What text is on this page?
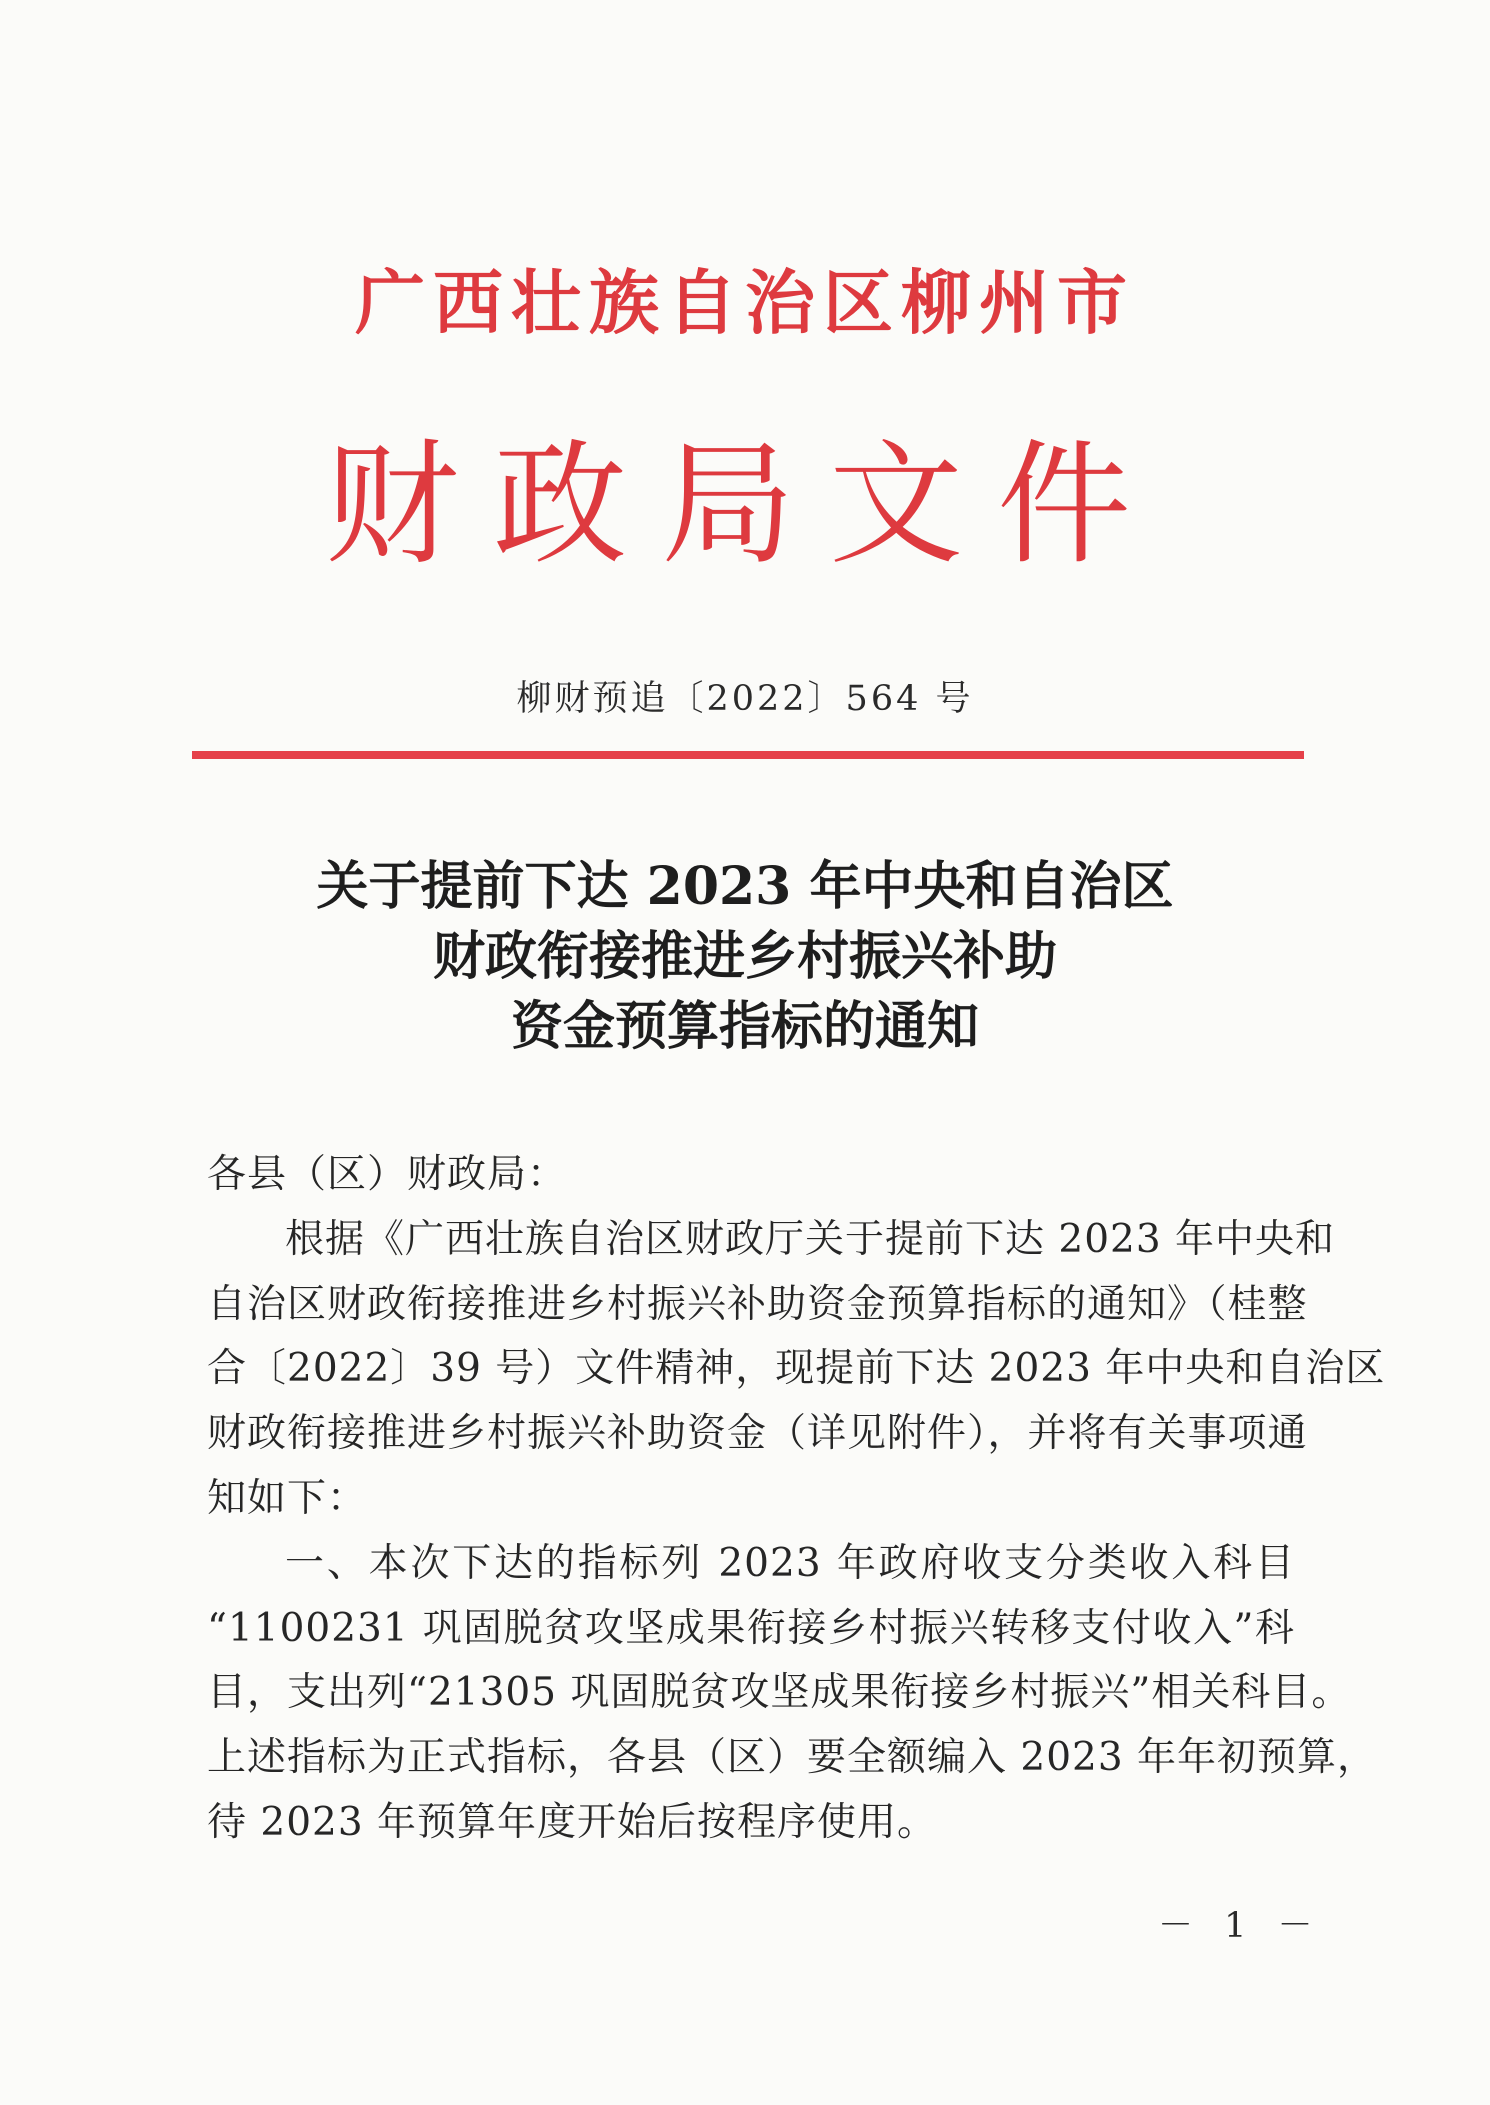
广西壮族自治区柳州市
财政局文件
柳财预追〔2022〕564 号
关于提前下达 2023 年中央和自治区
财政衔接推进乡村振兴补助
资金预算指标的通知
各县（区）财政局：
根据《广西壮族自治区财政厅关于提前下达 2023 年中央和
自治区财政衔接推进乡村振兴补助资金预算指标的通知》（桂整
合〔2022〕39 号）文件精神，现提前下达 2023 年中央和自治区
财政衔接推进乡村振兴补助资金（详见附件），并将有关事项通
知如下：
一、本次下达的指标列 2023 年政府收支分类收入科目
“1100231 巩固脱贫攻坚成果衔接乡村振兴转移支付收入”科
目，支出列“21305 巩固脱贫攻坚成果衔接乡村振兴”相关科目。
上述指标为正式指标，各县（区）要全额编入 2023 年年初预算，
待 2023 年预算年度开始后按程序使用。
－ 1 －
